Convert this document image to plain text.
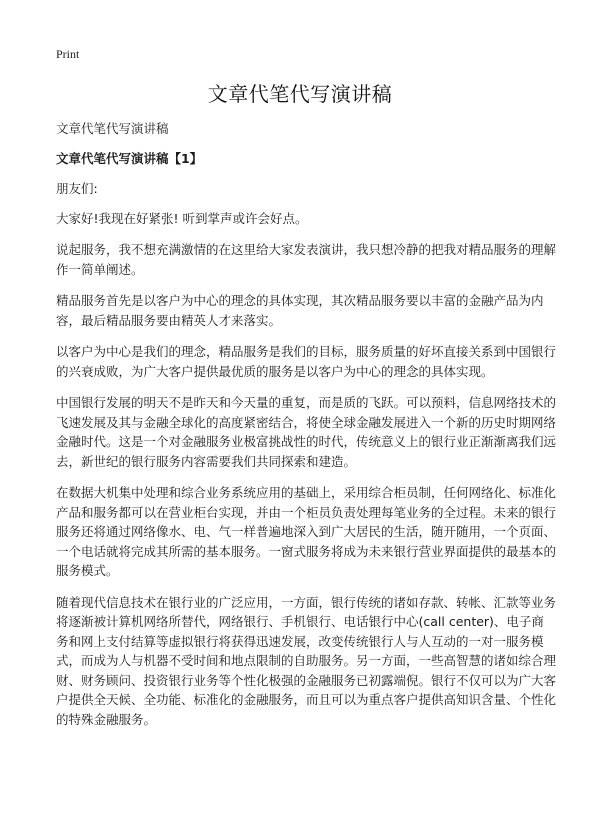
Print
文章代笔代写演讲稿

文章代笔代写演讲稿

文章代笔代写演讲稿【1】

朋友们:

大家好!我现在好紧张! 听到掌声或许会好点。

说起服务，我不想充满激情的在这里给大家发表演讲，我只想冷静的把我对精品服务的理解作一简单阐述。

精品服务首先是以客户为中心的理念的具体实现，其次精品服务要以丰富的金融产品为内容，最后精品服务要由精英人才来落实。

以客户为中心是我们的理念，精品服务是我们的目标，服务质量的好坏直接关系到中国银行的兴衰成败，为广大客户提供最优质的服务是以客户为中心的理念的具体实现。

中国银行发展的明天不是昨天和今天量的重复，而是质的飞跃。可以预料，信息网络技术的飞速发展及其与金融全球化的高度紧密结合，将使全球金融发展进入一个新的历史时期网络金融时代。这是一个对金融服务业极富挑战性的时代，传统意义上的银行业正渐渐离我们远去，新世纪的银行服务内容需要我们共同探索和建造。

在数据大机集中处理和综合业务系统应用的基础上，采用综合柜员制，任何网络化、标准化产品和服务都可以在营业柜台实现，并由一个柜员负责处理每笔业务的全过程。未来的银行服务还将通过网络像水、电、气一样普遍地深入到广大居民的生活，随开随用，一个页面、一个电话就将完成其所需的基本服务。一窗式服务将成为未来银行营业界面提供的最基本的服务模式。

随着现代信息技术在银行业的广泛应用，一方面，银行传统的诸如存款、转帐、汇款等业务将逐渐被计算机网络所替代，网络银行、手机银行、电话银行中心(call center)、电子商务和网上支付结算等虚拟银行将获得迅速发展，改变传统银行人与人互动的一对一服务模式，而成为人与机器不受时间和地点限制的自助服务。另一方面，一些高智慧的诸如综合理财、财务顾问、投资银行业务等个性化极强的金融服务已初露端倪。银行不仅可以为广大客户提供全天候、全功能、标准化的金融服务，而且可以为重点客户提供高知识含量、个性化的特殊金融服务。
